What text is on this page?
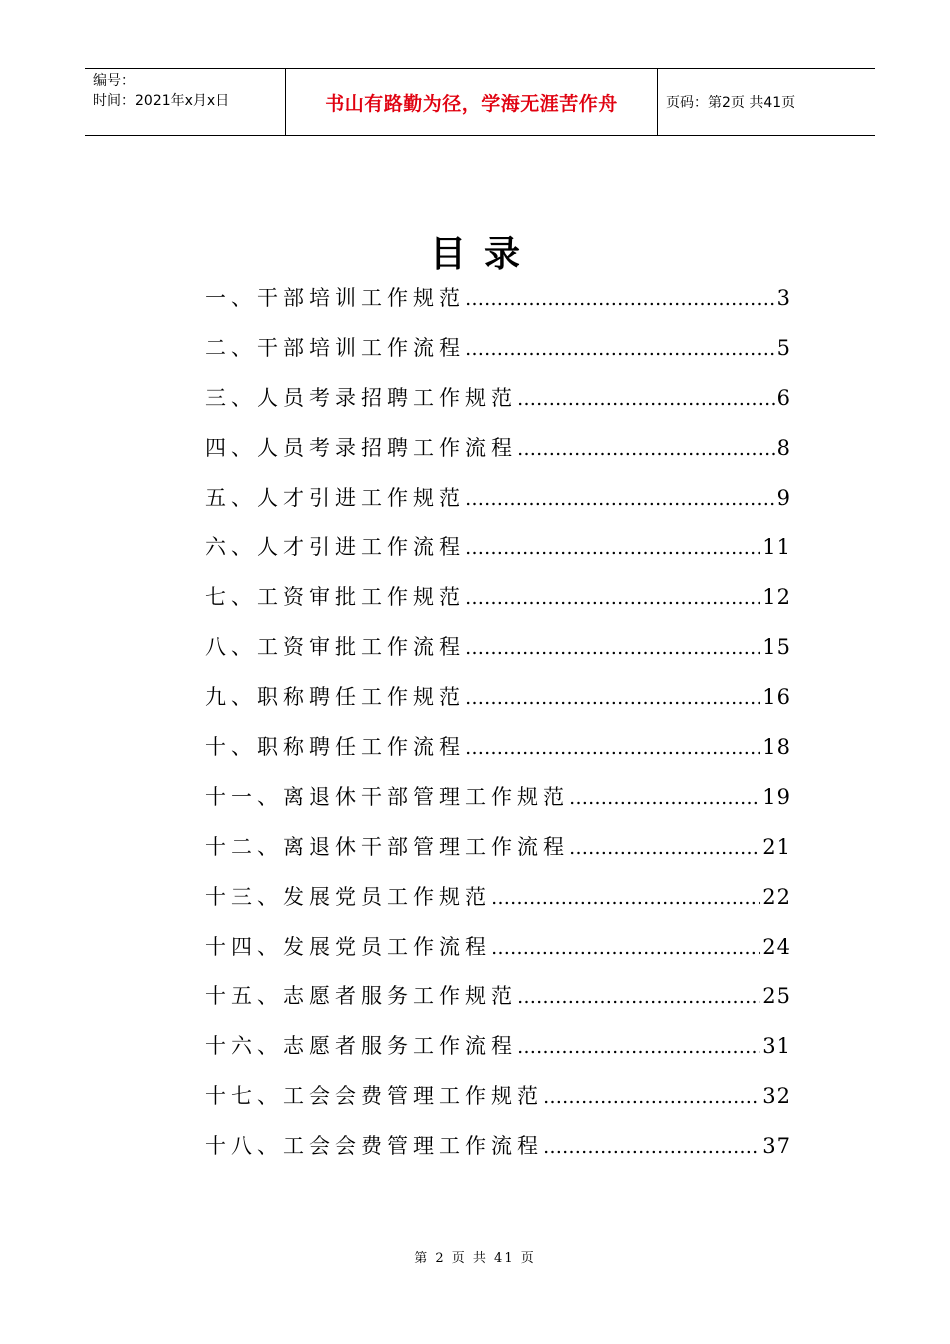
编号：
时间：2021年x月x日	书山有路勤为径，学海无涯苦作舟	页码：第2页 共41页
目录
一、干部培训工作规范 ……………………………………………………………………………………	3
二、干部培训工作流程 ……………………………………………………………………………………	5
三、人员考录招聘工作规范 ……………………………………………………………………………………	6
四、人员考录招聘工作流程 ……………………………………………………………………………………	8
五、人才引进工作规范 ……………………………………………………………………………………	9
六、人才引进工作流程 ……………………………………………………………………………………	11
七、工资审批工作规范 ……………………………………………………………………………………	12
八、工资审批工作流程 ……………………………………………………………………………………	15
九、职称聘任工作规范 ……………………………………………………………………………………	16
十、职称聘任工作流程 ……………………………………………………………………………………	18
十一、离退休干部管理工作规范 ……………………………………………………………………………………	19
十二、离退休干部管理工作流程 ……………………………………………………………………………………	21
十三、发展党员工作规范 ……………………………………………………………………………………	22
十四、发展党员工作流程 ……………………………………………………………………………………	24
十五、志愿者服务工作规范 ……………………………………………………………………………………	25
十六、志愿者服务工作流程 ……………………………………………………………………………………	31
十七、工会会费管理工作规范 ……………………………………………………………………………………	32
十八、工会会费管理工作流程 ……………………………………………………………………………………	37
第 2 页 共 41 页
